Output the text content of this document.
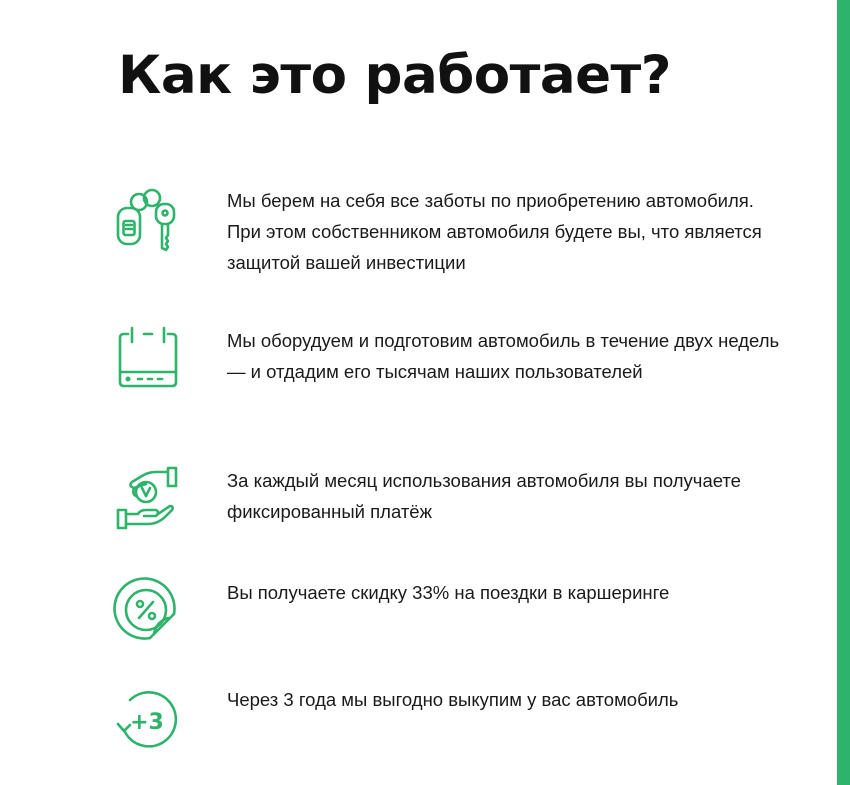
Как это работает?

Мы берем на себя все заботы по приобретению автомобиля. При этом собственником автомобиля будете вы, что является защитой вашей инвестиции

Мы оборудуем и подготовим автомобиль в течение двух недель — и отдадим его тысячам наших пользователей

За каждый месяц использования автомобиля вы получаете фиксированный платёж

Вы получаете скидку 33% на поездки в каршеринге

+3

Через 3 года мы выгодно выкупим у вас автомобиль
